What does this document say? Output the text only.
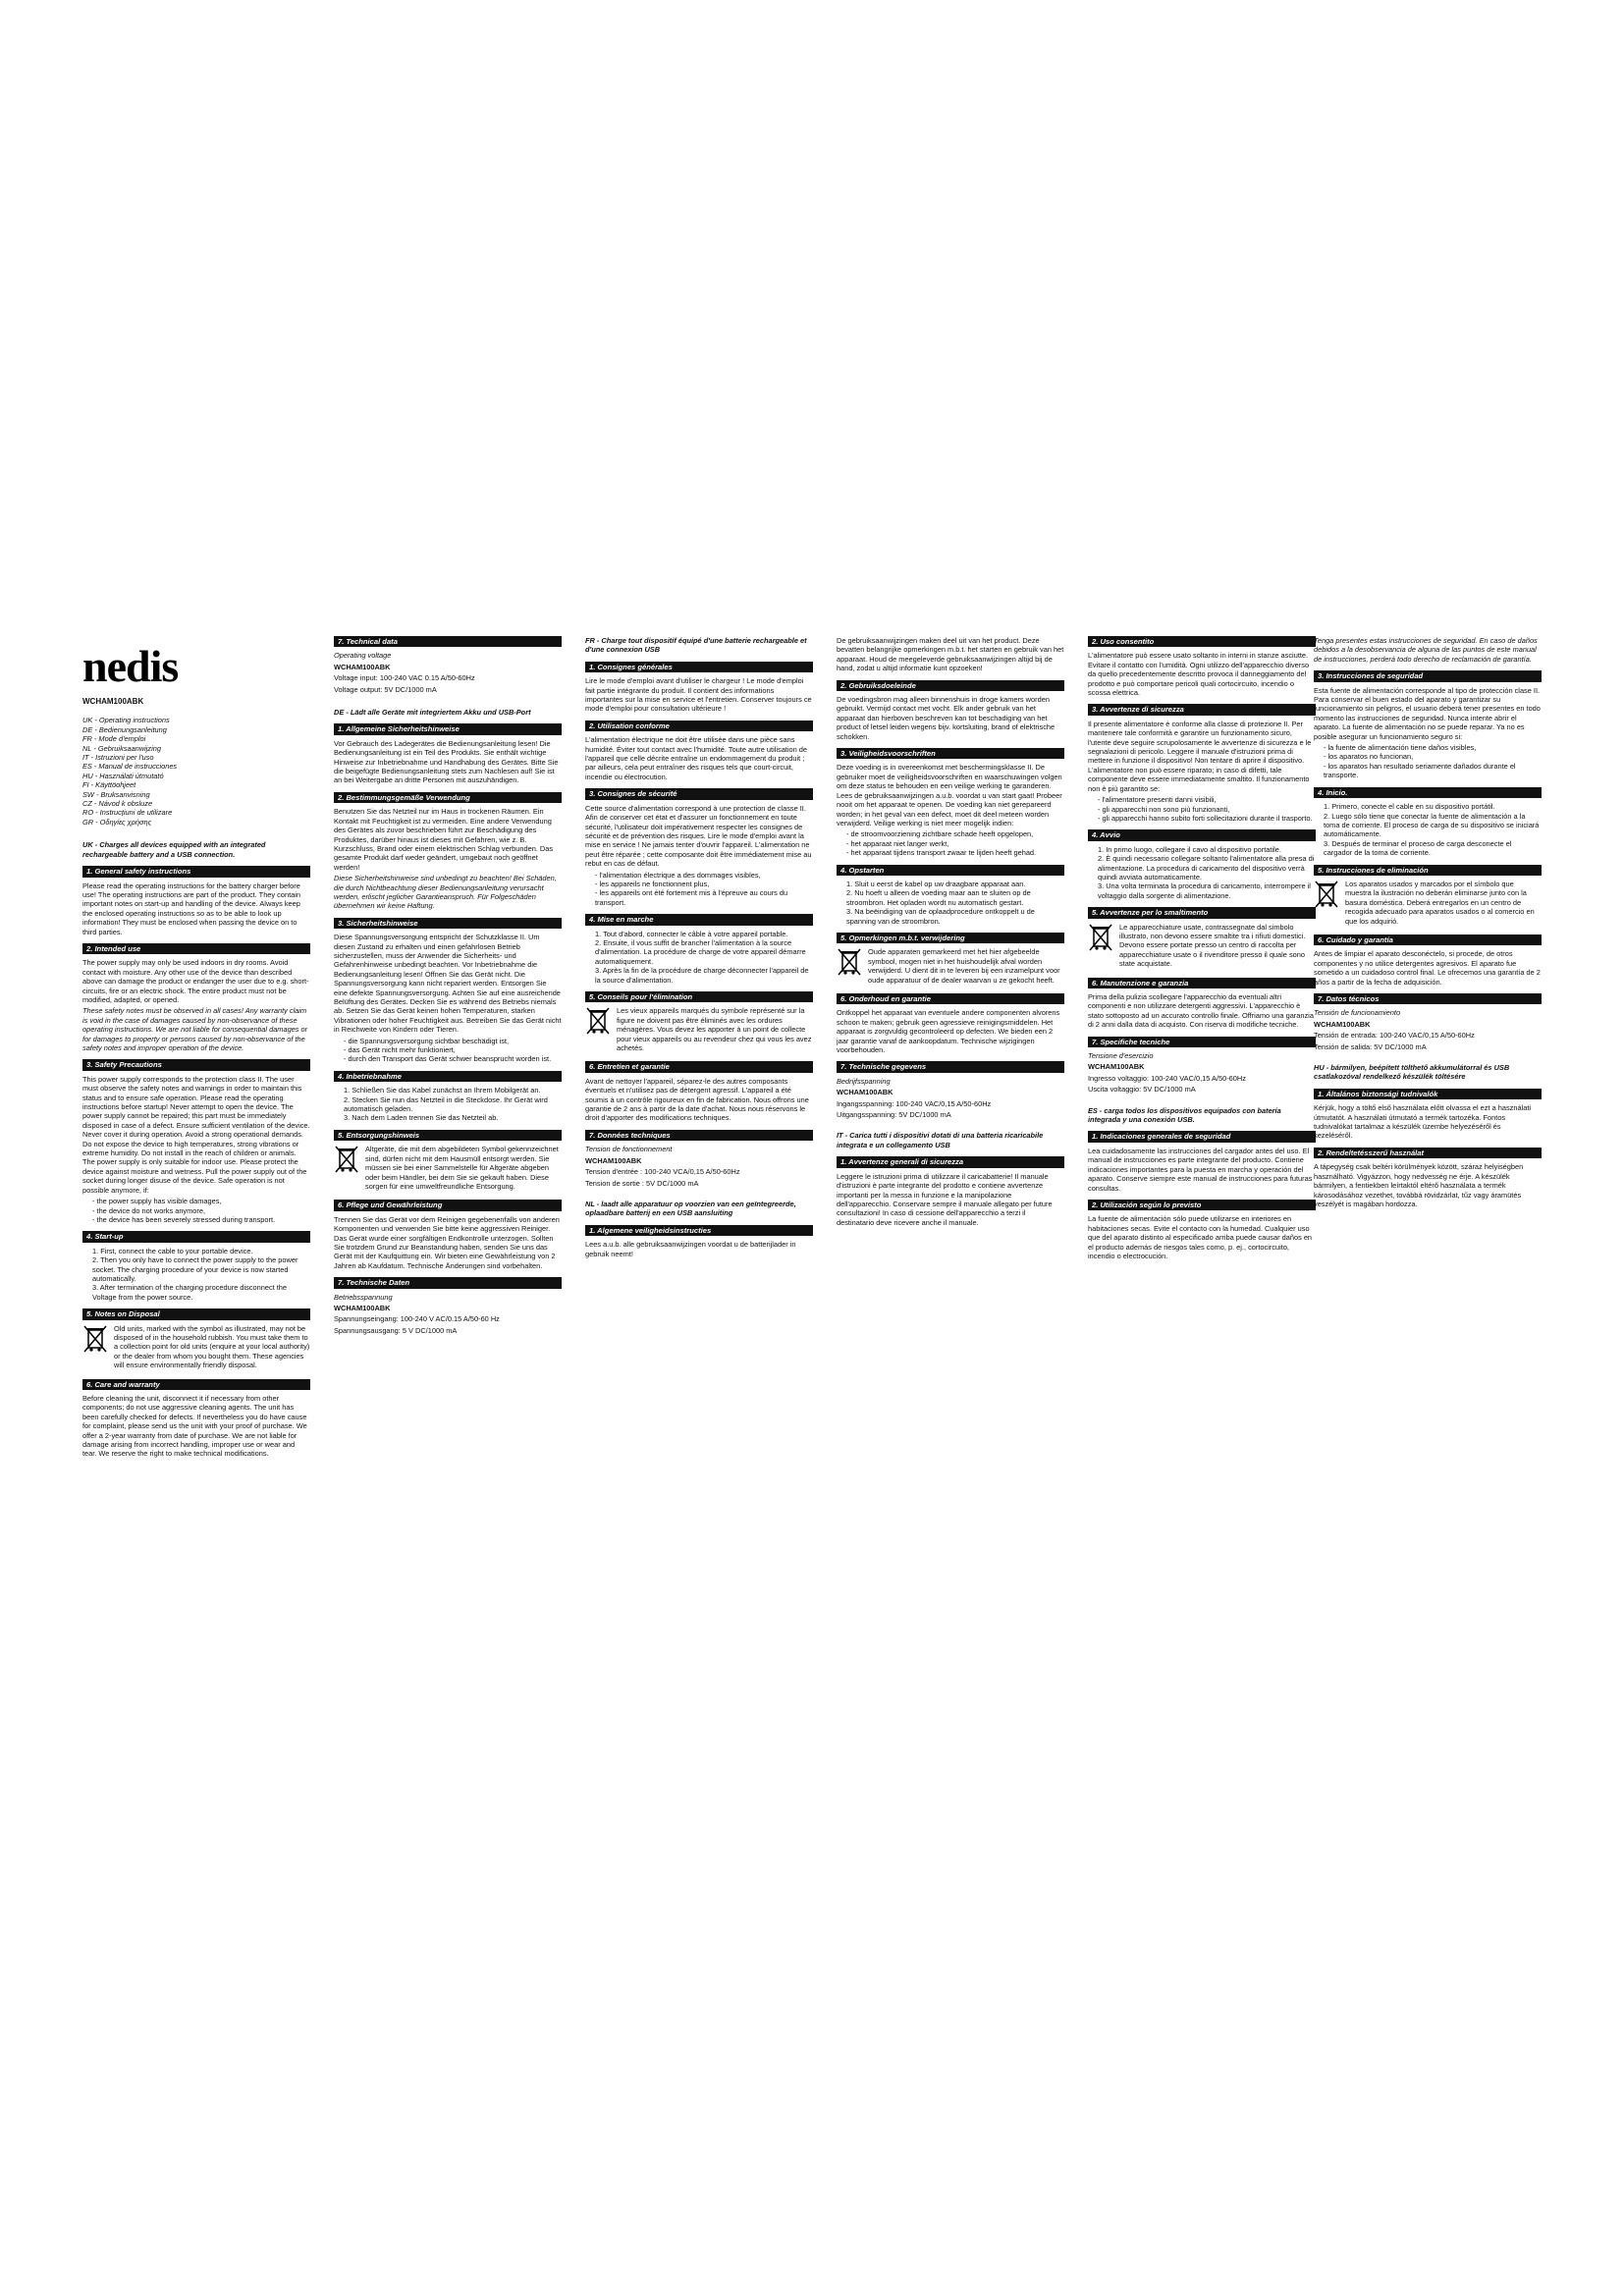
nedis
WCHAM100ABK
UK - Operating instructions
DE - Bedienungsanleitung
FR - Mode d'emploi
NL - Gebruiksaanwijzing
IT - Istruzioni per l'uso
ES - Manual de instrucciones
HU - Használati útmutató
FI - Käyttöohjeet
SW - Bruksanvisning
CZ - Návod k obsluze
RO - Instrucțiuni de utilizare
GR - Οδηγίες χρήσης
UK - Charges all devices equipped with an integrated rechargeable battery and a USB connection.
1. General safety instructions

Please read the operating instructions for the battery charger before use! The operating instructions are part of the product. They contain important notes on start-up and handling of the device. Always keep the enclosed operating instructions so as to be able to look up information! They must be enclosed when passing the device on to third parties.

2. Intended use

The power supply may only be used indoors in dry rooms. Avoid contact with moisture. Any other use of the device than described above can damage the product or endanger the user due to e.g. short-circuits, fire or an electric shock. The entire product must not be modified, adapted, or opened.

These safety notes must be observed in all cases! Any warranty claim is void in the case of damages caused by non-observance of these operating instructions. We are not liable for consequential damages or for damages to property or persons caused by non-observance of the safety notes and improper operation of the device.

3. Safety Precautions

This power supply corresponds to the protection class II. The user must observe the safety notes and warnings in order to maintain this status and to ensure safe operation. Please read the operating instructions before startup! Never attempt to open the device. The power supply cannot be repaired; this part must be immediately disposed in case of a defect. Ensure sufficient ventilation of the device. Never cover it during operation. Avoid a strong operational demands. Do not expose the device to high temperatures, strong vibrations or extreme humidity. Do not install in the reach of children or animals. The power supply is only suitable for indoor use. Please protect the device against moisture and wetness. Pull the power supply out of the socket during longer disuse of the device. Safe operation is not possible anymore, if:

- the power supply has visible damages,
- the device do not works anymore,
- the device has been severely stressed during transport.
4. Start-up
1. First, connect the cable to your portable device.
2. Then you only have to connect the power supply to the power socket. The charging procedure of your device is now started automatically.
3. After termination of the charging procedure disconnect the Voltage from the power source.
5. Notes on Disposal

Old units, marked with the symbol as illustrated, may not be disposed of in the household rubbish. You must take them to a collection point for old units (enquire at your local authority) or the dealer from whom you bought them. These agencies will ensure environmentally friendly disposal.

6. Care and warranty

Before cleaning the unit, disconnect it if necessary from other components; do not use aggressive cleaning agents. The unit has been carefully checked for defects. If nevertheless you do have cause for complaint, please send us the unit with your proof of purchase. We offer a 2-year warranty from date of purchase. We are not liable for damage arising from incorrect handling, improper use or wear and tear. We reserve the right to make technical modifications.

7. Technical data

Operating voltage

WCHAM100ABK

Voltage input: 100-240 VAC 0.15 A/50-60Hz

Voltage output: 5V DC/1000 mA

DE - Lädt alle Geräte mit integriertem Akku und USB-Port
1. Allgemeine Sicherheitshinweise

Vor Gebrauch des Ladegerätes die Bedienungsanleitung lesen! Die Bedienungsanleitung ist ein Teil des Produkts. Sie enthält wichtige Hinweise zur Inbetriebnahme und Handhabung des Gerätes. Bitte Sie die beigefügte Bedienungsanleitung stets zum Nachlesen auf! Sie ist an bei Weitergabe an dritte Personen mit auszuhändigen.

2. Bestimmungsgemäße Verwendung

Benutzen Sie das Netzteil nur im Haus in trockenen Räumen. Ein Kontakt mit Feuchtigkeit ist zu vermeiden. Eine andere Verwendung des Gerätes als zuvor beschrieben führt zur Beschädigung des Produktes, darüber hinaus ist dieses mit Gefahren, wie z. B. Kurzschluss, Brand oder einem elektrischen Schlag verbunden. Das gesamte Produkt darf weder geändert, umgebaut noch geöffnet werden!

Diese Sicherheitshinweise sind unbedingt zu beachten! Bei Schäden, die durch Nichtbeachtung dieser Bedienungsanleitung verursacht werden, erlischt jeglicher Garantieanspruch. Für Folgeschäden übernehmen wir keine Haftung.

3. Sicherheitshinweise

Diese Spannungsversorgung entspricht der Schutzklasse II. Um diesen Zustand zu erhalten und einen gefahrlosen Betrieb sicherzustellen, muss der Anwender die Sicherheits- und Gefahrenhinweise unbedingt beachten. Vor Inbetriebnahme die Bedienungsanleitung lesen! Öffnen Sie das Gerät nicht. Die Spannungsversorgung kann nicht repariert werden. Entsorgen Sie eine defekte Spannungsversorgung. Achten Sie auf eine ausreichende Belüftung des Gerätes. Decken Sie es während des Betriebs niemals ab. Setzen Sie das Gerät keinen hohen Temperaturen, starken Vibrationen oder hoher Feuchtigkeit aus. Betreiben Sie das Gerät nicht in Reichweite von Kindern oder Tieren.

- die Spannungsversorgung sichtbar beschädigt ist,
- das Gerät nicht mehr funktioniert,
- durch den Transport das Gerät schwer beansprucht worden ist.
4. Inbetriebnahme
1. Schließen Sie das Kabel zunächst an Ihrem Mobilgerät an.
2. Stecken Sie nun das Netzteil in die Steckdose. Ihr Gerät wird automatisch geladen.
3. Nach dem Laden trennen Sie das Netzteil ab.
5. Entsorgungshinweis

Altgeräte, die mit dem abgebildeten Symbol gekennzeichnet sind, dürfen nicht mit dem Hausmüll entsorgt werden. Sie müssen sie bei einer Sammelstelle für Altgeräte abgeben oder beim Händler, bei dem Sie sie gekauft haben. Diese sorgen für eine umweltfreundliche Entsorgung.

6. Pflege und Gewährleistung

Trennen Sie das Gerät vor dem Reinigen gegebenenfalls von anderen Komponenten und verwenden Sie bitte keine aggressiven Reiniger. Das Gerät wurde einer sorgfältigen Endkontrolle unterzogen. Sollten Sie trotzdem Grund zur Beanstandung haben, senden Sie uns das Gerät mit der Kaufquittung ein. Wir bieten eine Gewährleistung von 2 Jahren ab Kaufdatum. Technische Änderungen sind vorbehalten.

7. Technische Daten

Betriebsspannung

WCHAM100ABK

Spannungseingang: 100-240 V AC/0.15 A/50-60 Hz

Spannungsausgang: 5 V DC/1000 mA

FR - Charge tout dispositif équipé d'une batterie rechargeable et d'une connexion USB
1. Consignes générales

Lire le mode d'emploi avant d'utiliser le chargeur ! Le mode d'emploi fait partie intégrante du produit. Il contient des informations importantes sur la mise en service et l'entretien. Conserver toujours ce mode d'emploi pour consultation ultérieure !

2. Utilisation conforme

L'alimentation électrique ne doit être utilisée dans une pièce sans humidité. Éviter tout contact avec l'humidité. Toute autre utilisation de l'appareil que celle décrite entraîne un endommagement du produit ; par ailleurs, cela peut entraîner des risques tels que court-circuit, incendie ou électrocution.

3. Consignes de sécurité

Cette source d'alimentation correspond à une protection de classe II. Afin de conserver cet état et d'assurer un fonctionnement en toute sécurité, l'utilisateur doit impérativement respecter les consignes de sécurité et de prévention des risques. Lire le mode d'emploi avant la mise en service ! Ne jamais tenter d'ouvrir l'appareil. L'alimentation ne peut être réparée ; cette composante doit être immédiatement mise au rebut en cas de défaut.

- l'alimentation électrique a des dommages visibles,
- les appareils ne fonctionnent plus,
- les appareils ont été fortement mis à l'épreuve au cours du transport.
4. Mise en marche
1. Tout d'abord, connecter le câble à votre appareil portable.
2. Ensuite, il vous suffit de brancher l'alimentation à la source d'alimentation. La procédure de charge de votre appareil démarre automatiquement.
3. Après la fin de la procédure de charge déconnecter l'appareil de la source d'alimentation.
5. Conseils pour l'élimination

Les vieux appareils marqués du symbole représenté sur la figure ne doivent pas être éliminés avec les ordures ménagères. Vous devez les apporter à un point de collecte pour vieux appareils ou au revendeur chez qui vous les avez achetés.

6. Entretien et garantie

Avant de nettoyer l'appareil, séparez-le des autres composants éventuels et n'utilisez pas de détergent agressif. L'appareil a été soumis à un contrôle rigoureux en fin de fabrication. Nous offrons une garantie de 2 ans à partir de la date d'achat. Nous nous réservons le droit d'apporter des modifications techniques.

7. Données techniques

Tension de fonctionnement

WCHAM100ABK

Tension d'entrée : 100-240 VCA/0,15 A/50-60Hz

Tension de sortie : 5V DC/1000 mA

NL - laadt alle apparatuur op voorzien van een geïntegreerde, oplaadbare batterij en een USB aansluiting
1. Algemene veiligheidsinstructies

Lees a.u.b. alle gebruiksaanwijzingen voordat u de batterijlader in gebruik neemt!

De gebruiksaanwijzingen maken deel uit van het product. Deze bevatten belangrijke opmerkingen m.b.t. het starten en gebruik van het apparaat. Houd de meegeleverde gebruiksaanwijzingen altijd bij de hand, zodat u altijd informatie kunt opzoeken!

2. Gebruiksdoeleinde

De voedingsbron mag alleen binnenshuis in droge kamers worden gebruikt. Vermijd contact met vocht. Elk ander gebruik van het apparaat dan hierboven beschreven kan tot beschadiging van het product of letsel leiden wegens bijv. kortsluiting, brand of elektrische schokken.

3. Veiligheidsvoorschriften

Deze voeding is in overeenkomst met beschermingsklasse II. De gebruiker moet de veiligheidsvoorschriften en waarschuwingen volgen om deze status te behouden en een veilige werking te garanderen. Lees de gebruiksaanwijzingen a.u.b. voordat u van start gaat! Probeer nooit om het apparaat te openen. De voeding kan niet gerepareerd worden; in het geval van een defect, moet dit deel meteen worden verwijderd. Veilige werking is niet meer mogelijk indien:

- de stroomvoorziening zichtbare schade heeft opgelopen,
- het apparaat niet langer werkt,
- het apparaat tijdens transport zwaar te lijden heeft gehad.
4. Opstarten
1. Sluit u eerst de kabel op uw draagbare apparaat aan.
2. Nu hoeft u alleen de voeding maar aan te sluiten op de stroombron. Het opladen wordt nu automatisch gestart.
3. Na beëindiging van de oplaadprocedure ontkoppelt u de spanning van de stroombron.
5. Opmerkingen m.b.t. verwijdering

Oude apparaten gemarkeerd met het hier afgebeelde symbool, mogen niet in het huishoudelijk afval worden verwijderd. U dient dit in te leveren bij een inzamelpunt voor oude apparatuur of de dealer waarvan u ze gekocht heeft.

6. Onderhoud en garantie

Ontkoppel het apparaat van eventuele andere componenten alvorens schoon te maken; gebruik geen agressieve reinigingsmiddelen. Het apparaat is zorgvuldig gecontroleerd op defecten. We bieden een 2 jaar garantie vanaf de aankoopdatum. Technische wijzigingen voorbehouden.

7. Technische gegevens

Bedrijfsspanning

WCHAM100ABK

Ingangsspanning: 100-240 VAC/0,15 A/50-60Hz

Uitgangsspanning: 5V DC/1000 mA

IT - Carica tutti i dispositivi dotati di una batteria ricaricabile integrata e un collegamento USB
1. Avvertenze generali di sicurezza

Leggere le istruzioni prima di utilizzare il caricabatterie! Il manuale d'istruzioni è parte integrante del prodotto e contiene avvertenze importanti per la messa in funzione e la manipolazione dell'apparecchio. Conservare sempre il manuale allegato per future consultazioni! In caso di cessione dell'apparecchio a terzi il destinatario deve ricevere anche il manuale.

2. Uso consentito

L'alimentatore può essere usato soltanto in interni in stanze asciutte. Evitare il contatto con l'umidità. Ogni utilizzo dell'apparecchio diverso da quello precedentemente descritto provoca il danneggiamento del prodotto e può comportare pericoli quali cortocircuito, incendio o scossa elettrica.

3. Avvertenze di sicurezza

Il presente alimentatore è conforme alla classe di protezione II. Per mantenere tale conformità e garantire un funzionamento sicuro, l'utente deve seguire scrupolosamente le avvertenze di sicurezza e le segnalazioni di pericolo. Leggere il manuale d'istruzioni prima di mettere in funzione il dispositivo! Non tentare di aprire il dispositivo. L'alimentatore non può essere riparato; in caso di difetti, tale componente deve essere immediatamente smaltito. Il funzionamento non è più garantito se:

- l'alimentatore presenti danni visibili,
- gli apparecchi non sono più funzionanti,
- gli apparecchi hanno subito forti sollecitazioni durante il trasporto.
4. Avvio
1. In primo luogo, collegare il cavo al dispositivo portatile.
2. È quindi necessario collegare soltanto l'alimentatore alla presa di alimentazione. La procedura di caricamento del dispositivo verrà quindi avviata automaticamente.
3. Una volta terminata la procedura di caricamento, interrompere il voltaggio dalla sorgente di alimentazione.
5. Avvertenze per lo smaltimento

Le apparecchiature usate, contrassegnate dal simbolo illustrato, non devono essere smaltite tra i rifiuti domestici. Devono essere portate presso un centro di raccolta per apparecchiature usate o il rivenditore presso il quale sono state acquistate.

6. Manutenzione e garanzia

Prima della pulizia scollegare l'apparecchio da eventuali altri componenti e non utilizzare detergenti aggressivi. L'apparecchio è stato sottoposto ad un accurato controllo finale. Offriamo una garanzia di 2 anni dalla data di acquisto. Con riserva di modifiche tecniche.

7. Specifiche tecniche

Tensione d'esercizio

WCHAM100ABK

Ingresso voltaggio: 100-240 VAC/0,15 A/50-60Hz

Uscita voltaggio: 5V DC/1000 mA

ES - carga todos los dispositivos equipados con batería integrada y una conexión USB.
1. Indicaciones generales de seguridad

Lea cuidadosamente las instrucciones del cargador antes del uso. El manual de instrucciones es parte integrante del producto. Contiene indicaciones importantes para la puesta en marcha y operación del aparato. Conserve siempre este manual de instrucciones para futuras consultas.

2. Utilización según lo previsto

La fuente de alimentación sólo puede utilizarse en interiores en habitaciones secas. Evite el contacto con la humedad. Cualquier uso que del aparato distinto al especificado arriba puede causar daños en el producto además de riesgos tales como, p. ej., cortocircuito, incendio o electrocución.

Tenga presentes estas instrucciones de seguridad. En caso de daños debidos a la desobservancia de alguna de las puntos de este manual de instrucciones, perderá todo derecho de reclamación de garantía.

3. Instrucciones de seguridad

Esta fuente de alimentación corresponde al tipo de protección clase II. Para conservar el buen estado del aparato y garantizar su funcionamiento sin peligros, el usuario deberá tener presentes en todo momento las instrucciones de seguridad. Nunca intente abrir el aparato. La fuente de alimentación no se puede reparar. Ya no es posible asegurar un funcionamiento seguro si:

- la fuente de alimentación tiene daños visibles,
- los aparatos no funcionan,
- los aparatos han resultado seriamente dañados durante el transporte.
4. Inicio.
1. Primero, conecte el cable en su dispositivo portátil.
2. Luego sólo tiene que conectar la fuente de alimentación a la toma de corriente. El proceso de carga de su dispositivo se iniciará automáticamente.
3. Después de terminar el proceso de carga desconecte el cargador de la toma de corriente.
5. Instrucciones de eliminación

Los aparatos usados y marcados por el símbolo que muestra la ilustración no deberán eliminarse junto con la basura doméstica. Deberá entregarlos en un centro de recogida adecuado para aparatos usados o al comercio en que los adquirió.

6. Cuidado y garantía

Antes de limpiar el aparato desconéctelo, si procede, de otros componentes y no utilice detergentes agresivos. El aparato fue sometido a un cuidadoso control final. Le ofrecemos una garantía de 2 años a partir de la fecha de adquisición.

7. Datos técnicos

Tensión de funcionamiento

WCHAM100ABK

Tensión de entrada: 100-240 VAC/0,15 A/50-60Hz

Tensión de salida: 5V DC/1000 mA

HU - bármilyen, beépített tölthető akkumulátorral és USB csatlakozóval rendelkező készülék töltésére
1. Általános biztonsági tudnivalók

Kérjük, hogy a töltő első használata előtt olvassa el ezt a használati útmutatót. A használati útmutató a termék tartozéka. Fontos tudnivalókat tartalmaz a készülék üzembe helyezéséről és kezeléséről.

2. Rendeltetésszerű használat

A tápegység csak beltéri körülmények között, száraz helyiségben használható. Vigyázzon, hogy nedvesség ne érje. A készülék bármilyen, a fentiekben leírtaktól eltérő használata a termék károsodásához vezethet, továbbá rövidzárlat, tűz vagy áramütés veszélyét is magában hordozza.
